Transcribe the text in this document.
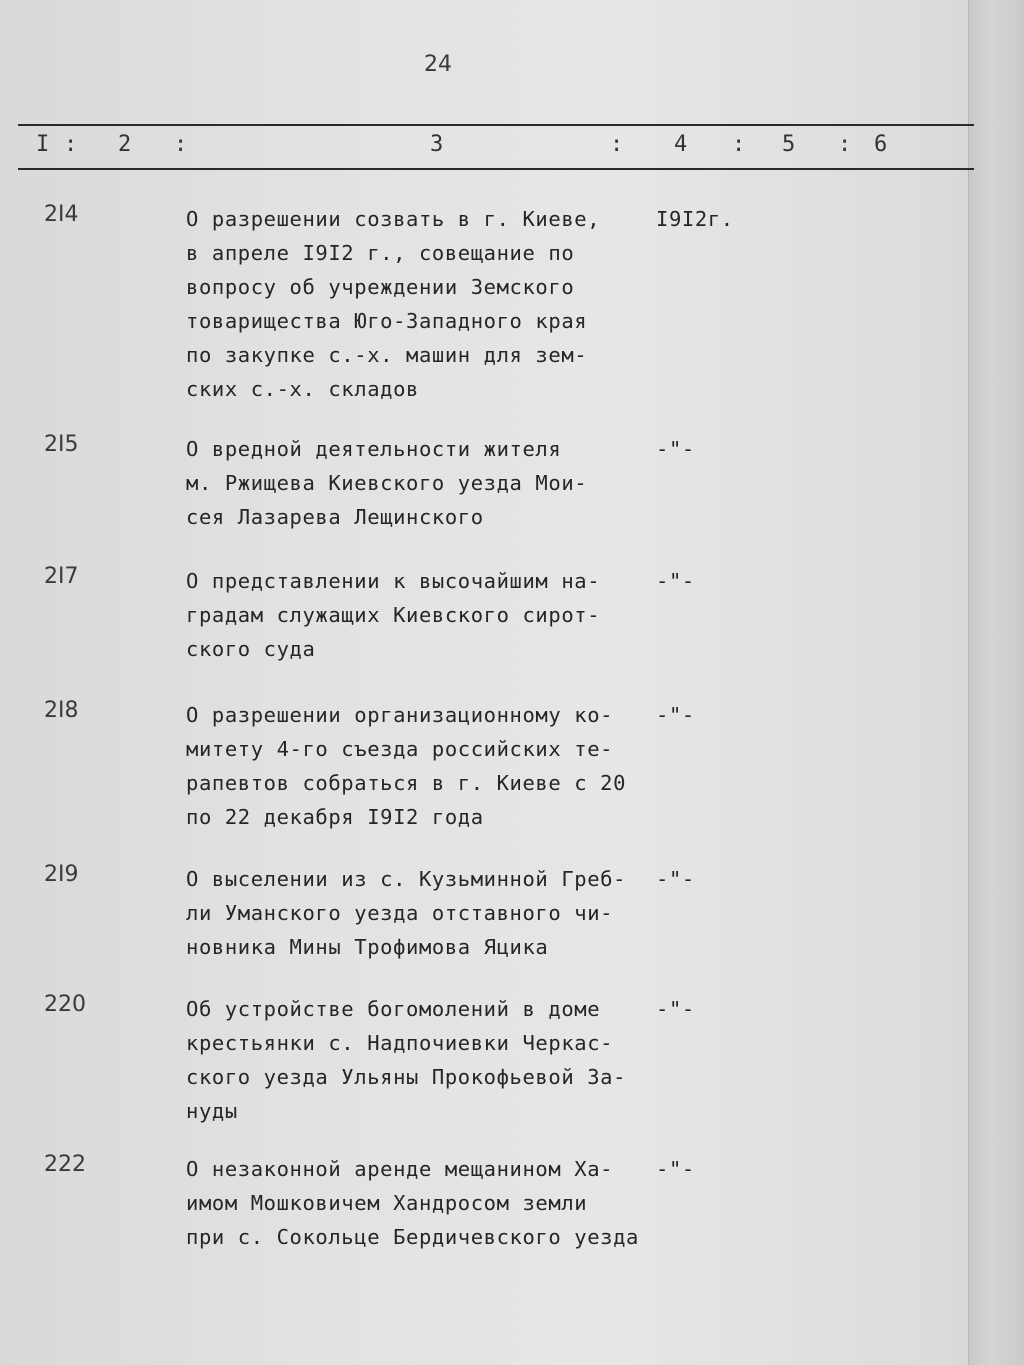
24
I : 2 :	3	: 4 : 5 : 6
2I4	О разрешении созвать в г. Киеве,
в апреле I9I2 г., совещание по
вопросу об учреждении Земского
товарищества Юго-Западного края
по закупке с.-х. машин для зем-
ских с.-х. складов
I9I2г.
2I5	О вредной деятельности жителя
м. Ржищева Киевского уезда Мои-
сея Лазарева Лещинского
-"-
2I7	О представлении к высочайшим на-
градам служащих Киевского сирот-
ского суда
-"-
2I8	О разрешении организационному ко-
митету 4-го съезда российских те-
рапевтов собраться в г. Киеве с 20
по 22 декабря I9I2 года
-"-
2I9	О выселении из с. Кузьминной Греб-
ли Уманского уезда отставного чи-
новника Мины Трофимова Яцика
-"-
220	Об устройстве богомолений в доме
крестьянки с. Надпочиевки Черкас-
ского уезда Ульяны Прокофьевой За-
нуды
-"-
222	О незаконной аренде мещанином Ха-
имом Мошковичем Хандросом земли
при с. Сокольце Бердичевского уезда
-"-
